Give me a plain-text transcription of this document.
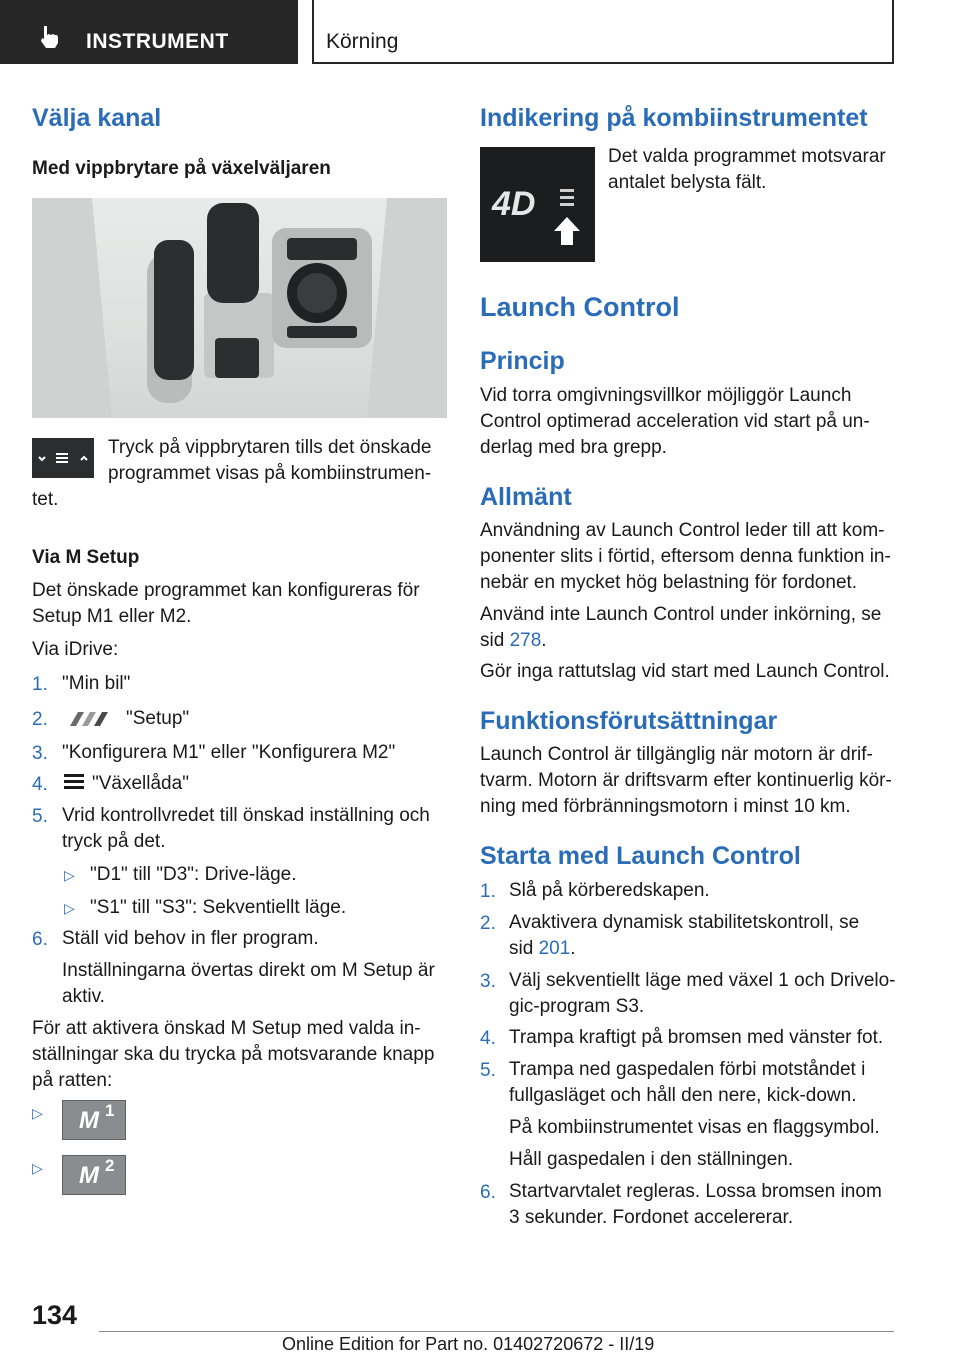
INSTRUMENT	Körning
Välja kanal
Med vippbrytare på växelväljaren
Tryck på vippbrytaren tills det önskade
programmet visas på kombiinstrumen-
tet.
Via M Setup
Det önskade programmet kan konfigureras för
Setup M1 eller M2.
Via iDrive:
1. "Min bil"
2.	"Setup"
3. "Konfigurera M1" eller "Konfigurera M2"
4. "Växellåda"
5. Vrid kontrollvredet till önskad inställning och
tryck på det.
▷ "D1" till "D3": Drive-läge.
▷ "S1" till "S3": Sekventiellt läge.
6. Ställ vid behov in fler program.
Inställningarna övertas direkt om M Setup är
aktiv.
För att aktivera önskad M Setup med valda in-
ställningar ska du trycka på motsvarande knapp
på ratten:
▷ M 1
▷ M 2
Indikering på kombiinstrumentet
4D
Det valda programmet motsvarar
antalet belysta fält.
Launch Control
Princip
Vid torra omgivningsvillkor möjliggör Launch
Control optimerad acceleration vid start på un-
derlag med bra grepp.
Allmänt
Användning av Launch Control leder till att kom-
ponenter slits i förtid, eftersom denna funktion in-
nebär en mycket hög belastning för fordonet.
Använd inte Launch Control under inkörning, se
sid 278.
Gör inga rattutslag vid start med Launch Control.
Funktionsförutsättningar
Launch Control är tillgänglig när motorn är drif-
tvarm. Motorn är driftsvarm efter kontinuerlig kör-
ning med förbränningsmotorn i minst 10 km.
Starta med Launch Control
1. Slå på körberedskapen.
2. Avaktivera dynamisk stabilitetskontroll, se
sid 201.
3. Välj sekventiellt läge med växel 1 och Drivelo-
gic-program S3.
4. Trampa kraftigt på bromsen med vänster fot.
5. Trampa ned gaspedalen förbi motståndet i
fullgasläget och håll den nere, kick-down.
På kombiinstrumentet visas en flaggsymbol.
Håll gaspedalen i den ställningen.
6. Startvarvtalet regleras. Lossa bromsen inom
3 sekunder. Fordonet accelererar.
134
Online Edition for Part no. 01402720672 - II/19
